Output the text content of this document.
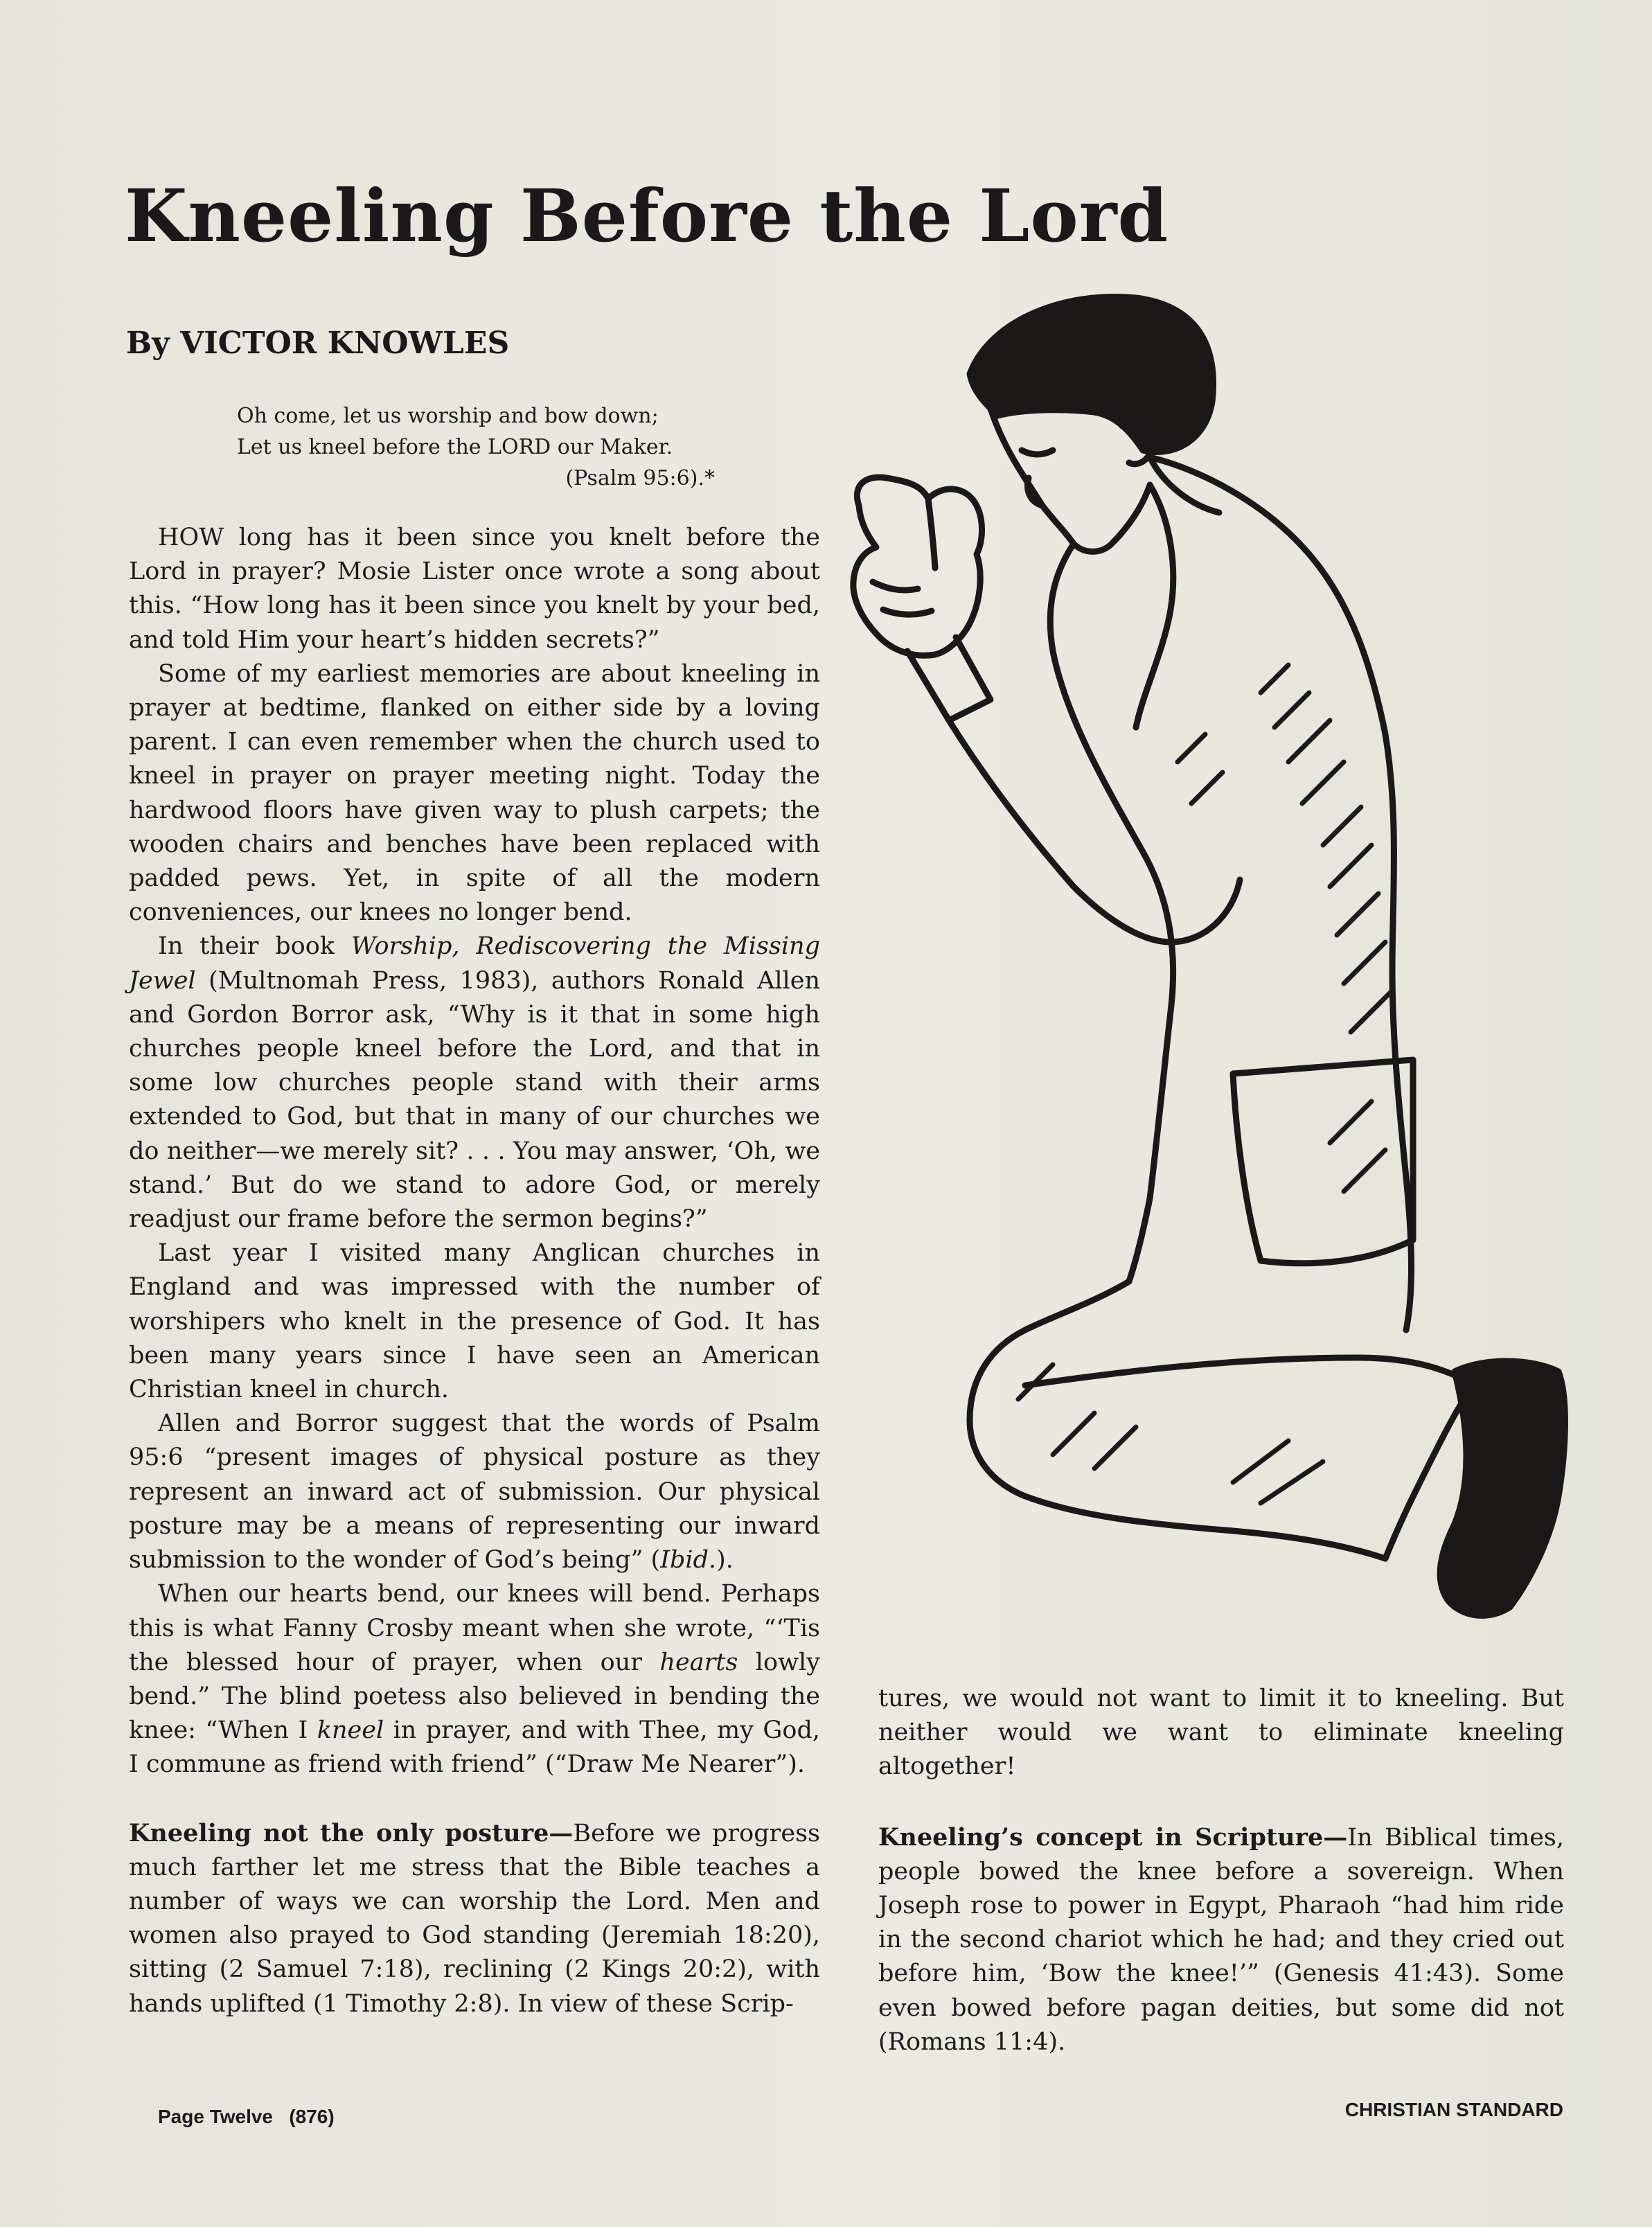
Kneeling Before the Lord
By VICTOR KNOWLES
Oh come, let us worship and bow down;
Let us kneel before the LORD our Maker.
(Psalm 95:6).*

HOW long has it been since you knelt before the Lord in prayer? Mosie Lister once wrote a song about this. “How long has it been since you knelt by your bed, and told Him your heart’s hidden secrets?”

Some of my earliest memories are about kneeling in prayer at bedtime, flanked on either side by a loving parent. I can even remember when the church used to kneel in prayer on prayer meeting night. Today the hardwood floors have given way to plush carpets; the wooden chairs and benches have been replaced with padded pews. Yet, in spite of all the modern conveniences, our knees no longer bend.

In their book Worship, Rediscovering the Missing Jewel (Multnomah Press, 1983), authors Ronald Allen and Gordon Borror ask, “Why is it that in some high churches people kneel before the Lord, and that in some low churches people stand with their arms extended to God, but that in many of our churches we do neither—we merely sit? . . . You may answer, ‘Oh, we stand.’ But do we stand to adore God, or merely readjust our frame before the sermon begins?”

Last year I visited many Anglican churches in England and was impressed with the number of worshipers who knelt in the presence of God. It has been many years since I have seen an American Christian kneel in church.

Allen and Borror suggest that the words of Psalm 95:6 “present images of physical posture as they represent an inward act of submission. Our physical posture may be a means of representing our inward submission to the wonder of God’s being” (Ibid.).

When our hearts bend, our knees will bend. Perhaps this is what Fanny Crosby meant when she wrote, “‘Tis the blessed hour of prayer, when our hearts lowly bend.” The blind poetess also believed in bending the knee: “When I kneel in prayer, and with Thee, my God, I commune as friend with friend” (“Draw Me Nearer”).

Kneeling not the only posture—Before we progress much farther let me stress that the Bible teaches a number of ways we can worship the Lord. Men and women also prayed to God standing (Jeremiah 18:20), sitting (2 Samuel 7:18), reclining (2 Kings 20:2), with hands uplifted (1 Timothy 2:8). In view of these Scrip-

tures, we would not want to limit it to kneeling. But neither would we want to eliminate kneeling altogether!

Kneeling’s concept in Scripture—In Biblical times, people bowed the knee before a sovereign. When Joseph rose to power in Egypt, Pharaoh “had him ride in the second chariot which he had; and they cried out before him, ‘Bow the knee!’” (Genesis 41:43). Some even bowed before pagan deities, but some did not (Romans 11:4).

Page Twelve   (876)	CHRISTIAN STANDARD
